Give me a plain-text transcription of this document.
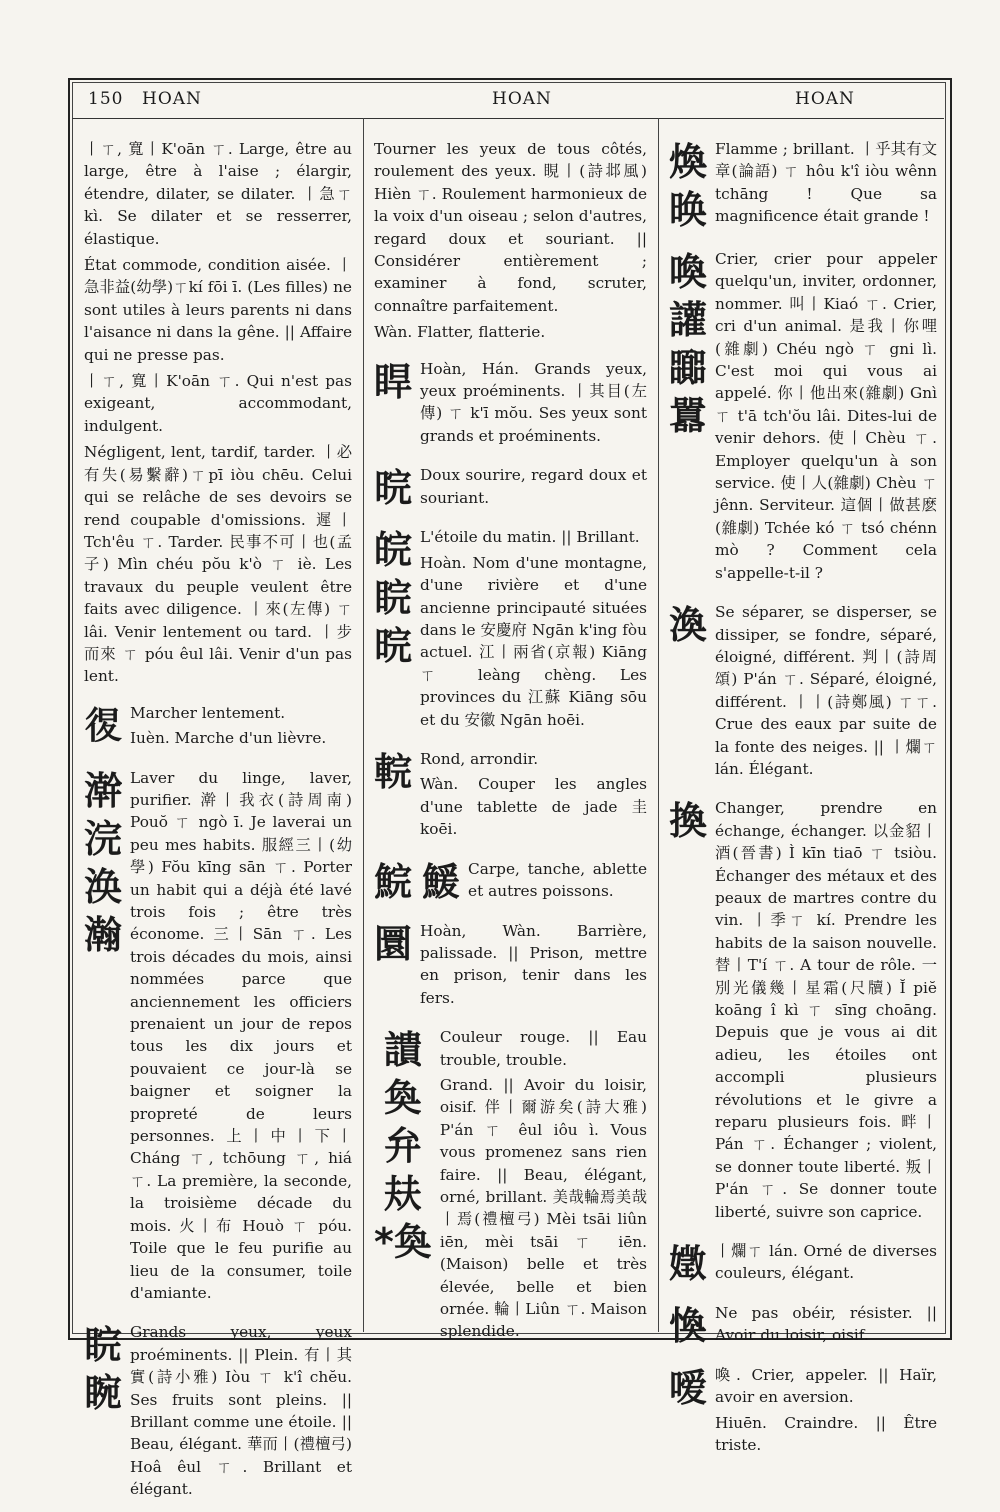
150 HOAN	HOAN	HOAN

丨ㄒ, 寬丨K'oān ㄒ. Large, être au large, être à l'aise ; élargir, étendre, dilater, se dilater. 丨急ㄒkì. Se dilater et se resserrer, élastique.

État commode, condition aisée. 丨急非益(幼學)ㄒkí fōi ī. (Les filles) ne sont utiles à leurs parents ni dans l'aisance ni dans la gêne. || Affaire qui ne presse pas.

丨ㄒ, 寬丨K'oān ㄒ. Qui n'est pas exigeant, accommodant, indulgent.

Négligent, lent, tardif, tarder. 丨必有失(易繫辭)ㄒpī iòu chēu. Celui qui se relâche de ses devoirs se rend coupable d'omissions. 遲丨Tch'êu ㄒ. Tarder. 民事不可丨也(孟子) Mìn chéu pŏu k'ò ㄒ iè. Les travaux du peuple veulent être faits avec diligence. 丨來(左傳) ㄒ lâi. Venir lentement ou tard. 丨步而來 ㄒ póu êul lâi. Venir d'un pas lent.

𢓴 Marcher lentement.

Iuèn. Marche d'un lièvre.

澣
浣
涣
瀚

Laver du linge, laver, purifier. 澣丨我衣(詩周南) Pouŏ ㄒ ngò ī. Je laverai un peu mes habits. 服經三丨(幼學) Fŏu kīng sān ㄒ. Porter un habit qui a déjà été lavé trois fois ; être très économe. 三丨Sān ㄒ. Les trois décades du mois, ainsi nommées parce que anciennement les officiers prenaient un jour de repos tous les dix jours et pouvaient ce jour-là se baigner et soigner la propreté de leurs personnes. 上丨中丨下丨Cháng ㄒ, tchōung ㄒ, hiá ㄒ. La première, la seconde, la troisième décade du mois. 火丨布 Houò ㄒ póu. Toile que le feu purifie au lieu de la consumer, toile d'amiante.

睆
睕

Grands yeux, yeux proéminents. || Plein. 有丨其實(詩小雅) Iòu ㄒ k'î chĕu. Ses fruits sont pleins. || Brillant comme une étoile. || Beau, élégant. 華而丨(禮檀弓) Hoâ êul ㄒ. Brillant et élégant.

Tourner les yeux de tous côtés, roulement des yeux. 睍丨(詩邶風) Hièn ㄒ. Roulement harmonieux de la voix d'un oiseau ; selon d'autres, regard doux et souriant. || Considérer entièrement ; examiner à fond, scruter, connaître parfaitement.

Wàn. Flatter, flatterie.

睅 Hoàn, Hán. Grands yeux, yeux proéminents. 丨其目(左傳) ㄒ k'ī mŏu. Ses yeux sont grands et proéminents.

晥 Doux sourire, regard doux et souriant.

皖
睆
晥

L'étoile du matin. || Brillant.

Hoàn. Nom d'une montagne, d'une rivière et d'une ancienne principauté situées dans le 安慶府 Ngān k'ing fòu actuel. 江丨兩省(京報) Kiāng ㄒ leàng chèng. Les provinces du 江蘇 Kiāng sōu et du 安徽 Ngān hoēi.

輐 Rond, arrondir.

Wàn. Couper les angles d'une tablette de jade 圭 koēi.

鯇 鰀 Carpe, tanche, ablette et autres poissons.

圜 Hoàn, Wàn. Barrière, palissade. || Prison, mettre en prison, tenir dans les fers.

䜋
奐
弁
㚘
*奐

Couleur rouge. || Eau trouble, trouble.

Grand. || Avoir du loisir, oisif. 伴丨爾游矣(詩大雅) P'án ㄒ êul iôu ì. Vous vous promenez sans rien faire. || Beau, élégant, orné, brillant. 美哉輪焉美哉丨焉(禮檀弓) Mèi tsāi liûn iēn, mèi tsāi ㄒ iēn. (Maison) belle et très élevée, belle et bien ornée. 輪丨Liûn ㄒ. Maison splendide.

煥
㬇

Flamme ; brillant. 丨乎其有文章(論語) ㄒ hôu k'î iòu wênn tchāng ! Que sa magnificence était grande !

喚
讙
嚻
囂

Crier, crier pour appeler quelqu'un, inviter, ordonner, nommer. 叫丨Kiaó ㄒ. Crier, cri d'un animal. 是我丨你哩(雜劇) Chéu ngò ㄒ gni lì. C'est moi qui vous ai appelé. 你丨他出來(雜劇) Gnì ㄒ t'ā tch'ŏu lâi. Dites-lui de venir dehors. 使丨Chèu ㄒ. Employer quelqu'un à son service. 使丨人(雜劇) Chèu ㄒ jênn. Serviteur. 這個丨做甚麽(雜劇) Tchée kó ㄒ tsó chénn mò ? Comment cela s'appelle-t-il ?

渙 Se séparer, se disperser, se dissiper, se fondre, séparé, éloigné, différent. 判丨(詩周頌) P'án ㄒ. Séparé, éloigné, différent. 丨丨(詩鄭風) ㄒㄒ. Crue des eaux par suite de la fonte des neiges. || 丨爛ㄒ lán. Élégant.

換 Changer, prendre en échange, échanger. 以金貂丨酒(晉書) Ì kīn tiaō ㄒ tsiòu. Échanger des métaux et des peaux de martres contre du vin. 丨季ㄒ kí. Prendre les habits de la saison nouvelle. 替丨T'í ㄒ. A tour de rôle. 一別光儀幾丨星霜(尺牘) Ĭ piĕ koāng î kì ㄒ sīng choāng. Depuis que je vous ai dit adieu, les étoiles ont accompli plusieurs révolutions et le givre a reparu plusieurs fois. 畔丨Pán ㄒ. Échanger ; violent, se donner toute liberté. 叛丨P'án ㄒ. Se donner toute liberté, suivre son caprice.

嬍 丨爛ㄒ lán. Orné de diverses couleurs, élégant.

愌 Ne pas obéir, résister. || Avoir du loisir, oisif.

嗳 喚. Crier, appeler. || Haïr, avoir en aversion.

Hiuēn. Craindre. || Être triste.
